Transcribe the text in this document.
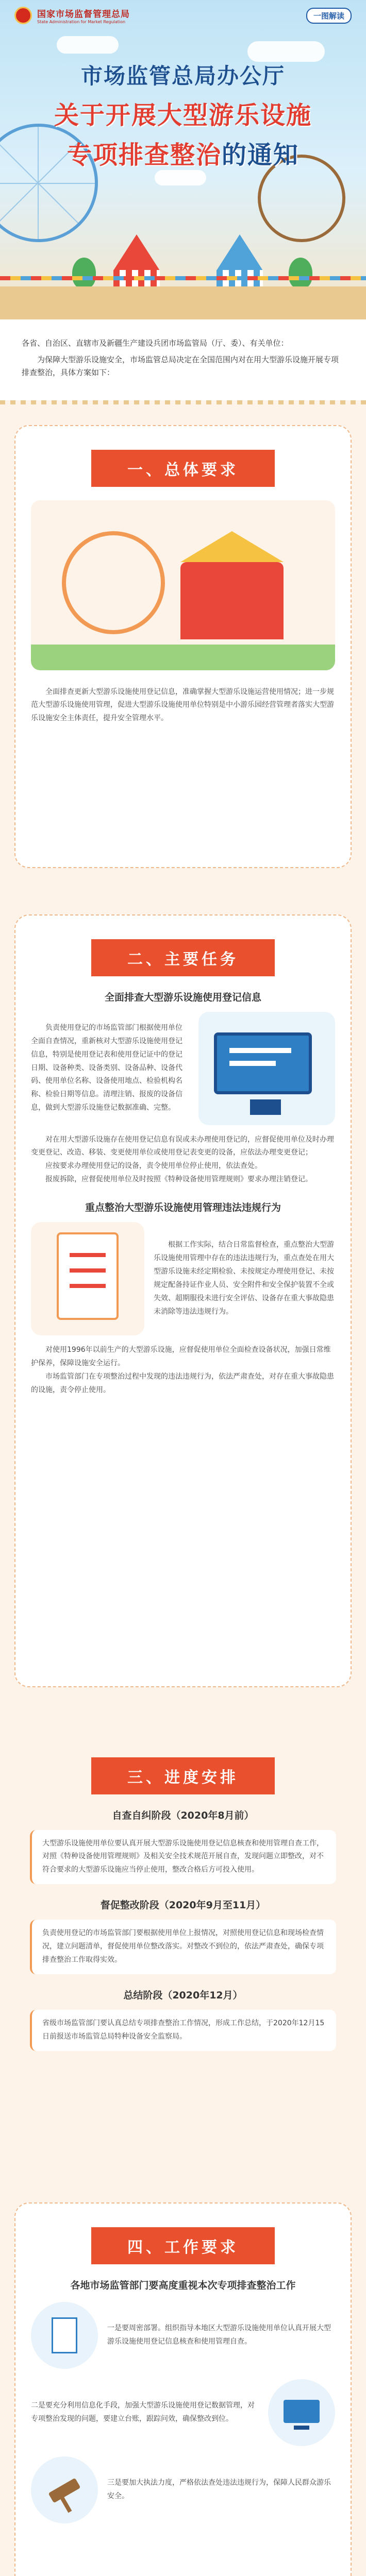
国家市场监督管理总局
State Administration for Market Regulation
一图解读
市场监管总局办公厅
关于开展大型游乐设施
专项排查整治的通知

各省、自治区、直辖市及新疆生产建设兵团市场监管局（厅、委）、有关单位：

为保障大型游乐设施安全，市场监管总局决定在全国范围内对在用大型游乐设施开展专项排查整治，具体方案如下：

一、总体要求

全面排查更新大型游乐设施使用登记信息，准确掌握大型游乐设施运营使用情况；进一步规范大型游乐设施使用管理，促进大型游乐设施使用单位特别是中小游乐园经营管理者落实大型游乐设施安全主体责任，提升安全管理水平。

二、主要任务
全面排查大型游乐设施使用登记信息

负责使用登记的市场监管部门根据使用单位全面自查情况，重新核对大型游乐设施使用登记信息，特别是使用登记表和使用登记证中的登记日期、设备种类、设备类别、设备品种、设备代码、使用单位名称、设备使用地点、检验机构名称、检验日期等信息。清理注销、报废的设备信息，做到大型游乐设施登记数据准确、完整。

对在用大型游乐设施存在使用登记信息有误或未办理使用登记的，应督促使用单位及时办理变更登记、改造、移装、变更使用单位或使用登记表变更的设备，应依法办理变更登记；

应按要求办理使用登记的设备，责令使用单位停止使用，依法查处。

报废拆除，应督促使用单位及时按照《特种设备使用管理规则》要求办理注销登记。

重点整治大型游乐设施使用管理违法违规行为

根据工作实际，结合日常监督检查，重点整治大型游乐设施使用管理中存在的违法违规行为，重点查处在用大型游乐设施未经定期检验、未按规定办理使用登记、未按规定配备持证作业人员、安全附件和安全保护装置不全或失效、超期服役未进行安全评估、设备存在重大事故隐患未消除等违法违规行为。

对使用1996年以前生产的大型游乐设施，应督促使用单位全面检查设备状况，加强日常维护保养，保障设施安全运行。

市场监管部门在专项整治过程中发现的违法违规行为，依法严肃查处，对存在重大事故隐患的设施，责令停止使用。

三、进度安排
自查自纠阶段（2020年8月前）
大型游乐设施使用单位要认真开展大型游乐设施使用登记信息核查和使用管理自查工作，对照《特种设备使用管理规则》及相关安全技术规范开展自查，发现问题立即整改，对不符合要求的大型游乐设施应当停止使用，整改合格后方可投入使用。
督促整改阶段（2020年9月至11月）
负责使用登记的市场监管部门要根据使用单位上报情况，对照使用登记信息和现场检查情况，建立问题清单，督促使用单位整改落实。对整改不到位的，依法严肃查处，确保专项排查整治工作取得实效。
总结阶段（2020年12月）
省级市场监管部门要认真总结专项排查整治工作情况，形成工作总结，于2020年12月15日前报送市场监管总局特种设备安全监察局。
四、工作要求
各地市场监管部门要高度重视本次专项排查整治工作

一是要周密部署。组织指导本地区大型游乐设施使用单位认真开展大型游乐设施使用登记信息核查和使用管理自查。

二是要充分利用信息化手段，加强大型游乐设施使用登记数据管理，对专项整治发现的问题，要建立台账，跟踪问效，确保整改到位。

三是要加大执法力度，严格依法查处违法违规行为，保障人民群众游乐安全。
